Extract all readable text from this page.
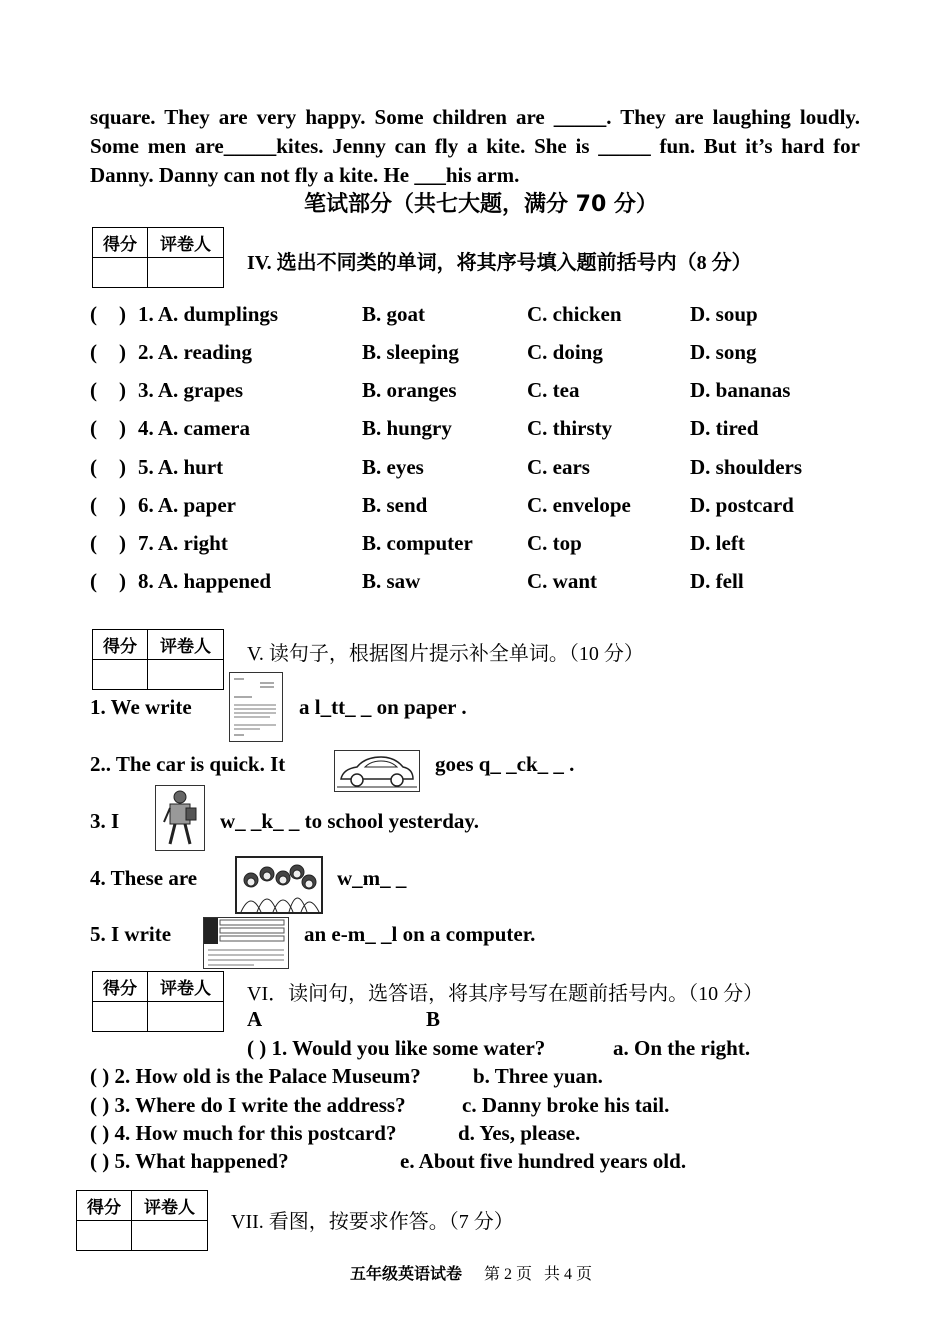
square. They are very happy. Some children are _____. They are laughing loudly.
Some men are_____kites. Jenny can fly a kite. She is _____ fun. But it’s hard for
Danny. Danny can not fly a kite. He ___his arm.
笔试部分（共七大题，满分 70 分）
得分	评卷人

IV. 选出不同类的单词，将其序号填入题前括号内（8 分）
( ) 1. A. dumplings	B. goat	C. chicken	D. soup
( ) 2. A. reading	B. sleeping	C. doing	D. song
( ) 3. A. grapes	B. oranges	C. tea	D. bananas
( ) 4. A. camera	B. hungry	C. thirsty	D. tired
( ) 5. A. hurt	B. eyes	C. ears	D. shoulders
( ) 6. A. paper	B. send	C. envelope	D. postcard
( ) 7. A. right	B. computer	C. top	D. left
( ) 8. A. happened	B. saw	C. want	D. fell
得分	评卷人
	V. 读句子，根据图片提示补全单词。（10 分）
1. We write	a l_tt_ _ on paper .
2.. The car is quick. It	goes q_ _ck_ _ .
3. I	w_ _k_ _ to school yesterday.
4. These are	w_m_ _
5. I write	an e-m_ _l on a computer.
得分	评卷人
	VI．读问句，选答语，将其序号写在题前括号内。（10 分）
A	B
( ) 1. Would you like some water?	a. On the right.
( ) 2. How old is the Palace Museum? b. Three yuan.
( ) 3. Where do I write the address?	c. Danny broke his tail.
( ) 4. How much for this postcard?	d. Yes, please.
( ) 5. What happened?	e. About five hundred years old.
得分	评卷人

VII. 看图，按要求作答。（7 分）
五年级英语试卷 第 2 页   共 4 页
